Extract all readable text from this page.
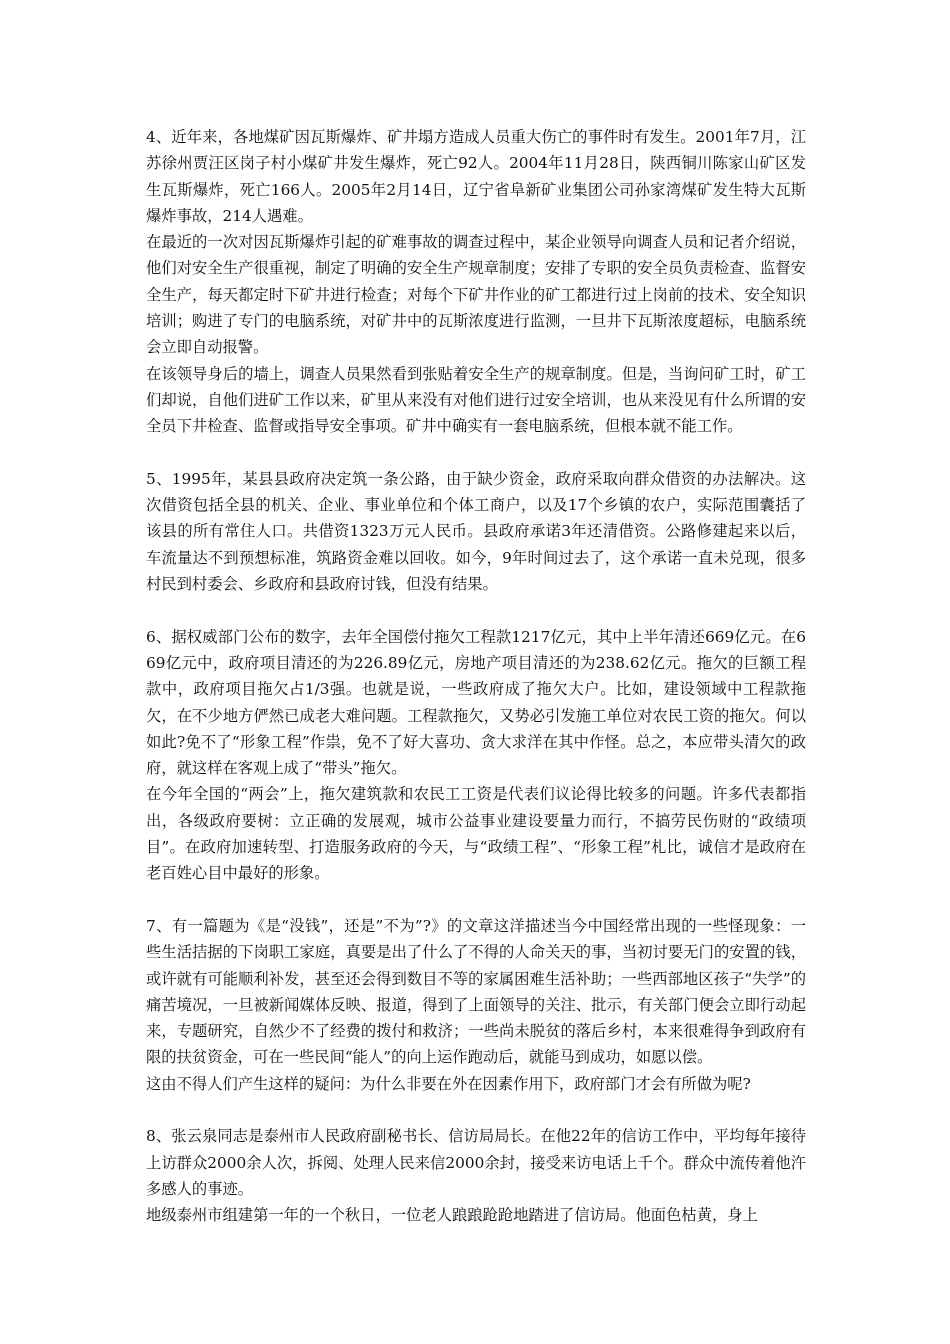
4、近年来，各地煤矿因瓦斯爆炸、矿井塌方造成人员重大伤亡的事件时有发生。2001年7月，江苏徐州贾汪区岗子村小煤矿井发生爆炸，死亡92人。2004年11月28日，陕西铜川陈家山矿区发生瓦斯爆炸，死亡166人。2005年2月14日，辽宁省阜新矿业集团公司孙家湾煤矿发生特大瓦斯爆炸事故，214人遇难。

在最近的一次对因瓦斯爆炸引起的矿难事故的调查过程中，某企业领导向调查人员和记者介绍说，他们对安全生产很重视，制定了明确的安全生产规章制度；安排了专职的安全员负责检查、监督安全生产，每天都定时下矿井进行检查；对每个下矿井作业的矿工都进行过上岗前的技术、安全知识培训；购进了专门的电脑系统，对矿井中的瓦斯浓度进行监测，一旦井下瓦斯浓度超标，电脑系统会立即自动报警。

在该领导身后的墙上，调查人员果然看到张贴着安全生产的规章制度。但是，当询问矿工时，矿工们却说，自他们进矿工作以来，矿里从来没有对他们进行过安全培训，也从来没见有什么所谓的安全员下井检查、监督或指导安全事项。矿井中确实有一套电脑系统，但根本就不能工作。

5、1995年，某县县政府决定筑一条公路，由于缺少资金，政府采取向群众借资的办法解决。这次借资包括全县的机关、企业、事业单位和个体工商户，以及17个乡镇的农户，实际范围囊括了该县的所有常住人口。共借资1323万元人民币。县政府承诺3年还清借资。公路修建起来以后，车流量达不到预想标准，筑路资金难以回收。如今，9年时间过去了，这个承诺一直未兑现，很多村民到村委会、乡政府和县政府讨钱，但没有结果。

6、据权威部门公布的数字，去年全国偿付拖欠工程款1217亿元，其中上半年清还669亿元。在669亿元中，政府项目清还的为226.89亿元，房地产项目清还的为238.62亿元。拖欠的巨额工程款中，政府项目拖欠占1/3强。也就是说，一些政府成了拖欠大户。比如，建设领域中工程款拖欠，在不少地方俨然已成老大难问题。工程款拖欠，又势必引发施工单位对农民工资的拖欠。何以如此?免不了“形象工程”作祟，免不了好大喜功、贪大求洋在其中作怪。总之，本应带头清欠的政府，就这样在客观上成了“带头”拖欠。

在今年全国的“两会”上，拖欠建筑款和农民工工资是代表们议论得比较多的问题。许多代表都指出，各级政府要树：立正确的发展观，城市公益事业建设要量力而行，不搞劳民伤财的“政绩项目”。在政府加速转型、打造服务政府的今天，与“政绩工程”、“形象工程”札比，诚信才是政府在老百姓心目中最好的形象。

7、有一篇题为《是“没钱”，还是”不为”?》的文章这洋描述当今中国经常出现的一些怪现象：一些生活拮据的下岗职工家庭，真要是出了什么了不得的人命关天的事，当初讨要无门的安置的钱，或许就有可能顺利补发，甚至还会得到数目不等的家属困难生活补助；一些西部地区孩子“失学”的痛苦境况，一旦被新闻媒体反映、报道，得到了上面领导的关注、批示，有关部门便会立即行动起来，专题研究，自然少不了经费的拨付和救济；一些尚未脱贫的落后乡村，本来很难得争到政府有限的扶贫资金，可在一些民间“能人”的向上运作跑动后，就能马到成功，如愿以偿。

这由不得人们产生这样的疑问：为什么非要在外在因素作用下，政府部门才会有所做为呢?

8、张云泉同志是泰州市人民政府副秘书长、信访局局长。在他22年的信访工作中，平均每年接待上访群众2000余人次，拆阅、处理人民来信2000余封，接受来访电话上千个。群众中流传着他汻多感人的事迹。

地级泰州市组建第一年的一个秋日，一位老人踉踉跄跄地踏进了信访局。他面色枯黄，身上
